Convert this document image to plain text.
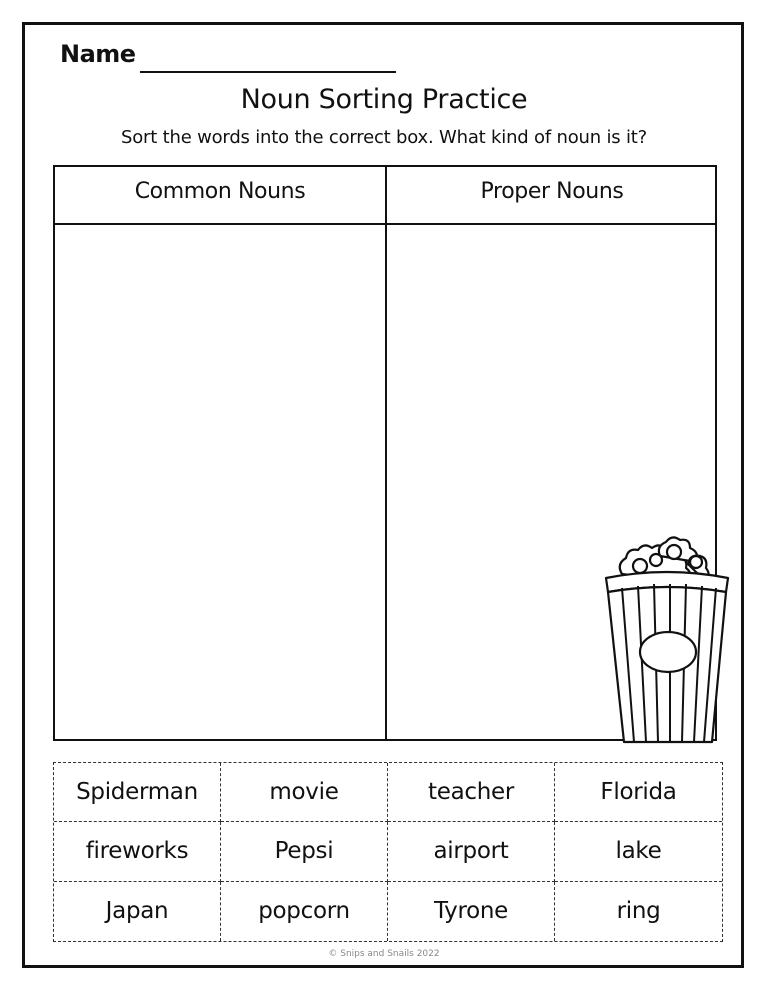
Name
Noun Sorting Practice
Sort the words into the correct box. What kind of noun is it?
Common Nouns	Proper Nouns
Spiderman	movie	teacher	Florida
fireworks	Pepsi	airport	lake
Japan	popcorn	Tyrone	ring
© Snips and Snails 2022
